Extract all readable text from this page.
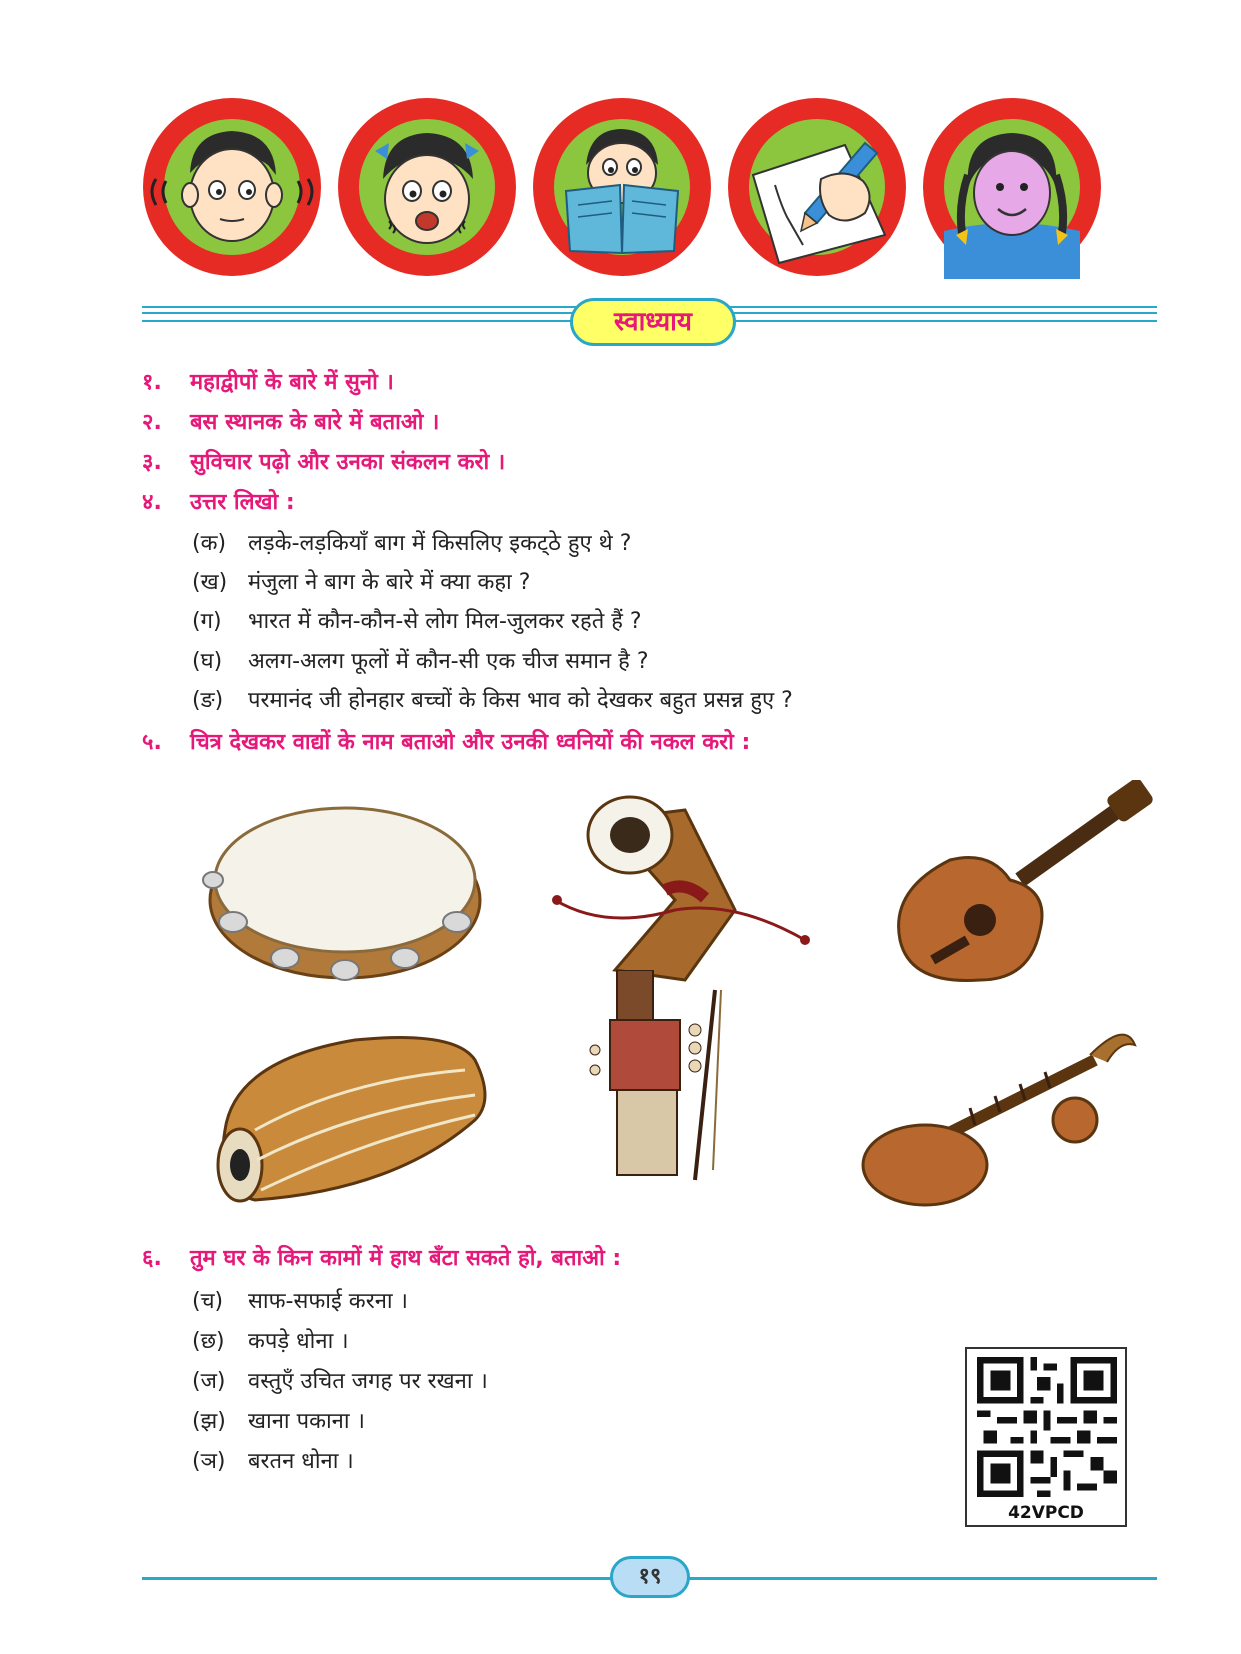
स्वाध्याय
१. महाद्वीपों के बारे में सुनो ।
२. बस स्थानक के बारे में बताओ ।
३. सुविचार पढ़ो और उनका संकलन करो ।
४. उत्तर लिखो :
(क) लड़के-लड़कियाँ बाग में किसलिए इकट्‌ठे हुए थे ?
(ख) मंजुला ने बाग के बारे में क्या कहा ?
(ग) भारत में कौन-कौन-से लोग मिल-जुलकर रहते हैं ?
(घ) अलग-अलग फूलों में कौन-सी एक चीज समान है ?
(ङ) परमानंद जी होनहार बच्चों के किस भाव को देखकर बहुत प्रसन्न हुए ?
५. चित्र देखकर वाद्यों के नाम बताओ और उनकी ध्वनियों की नकल करो :
६. तुम घर के किन कामों में हाथ बँटा सकते हो, बताओ :
(च) साफ-सफाई करना ।
(छ) कपड़े धोना ।
(ज) वस्तुएँ उचित जगह पर रखना ।
(झ) खाना पकाना ।
(ञ) बरतन धोना ।
42VPCD
१९
